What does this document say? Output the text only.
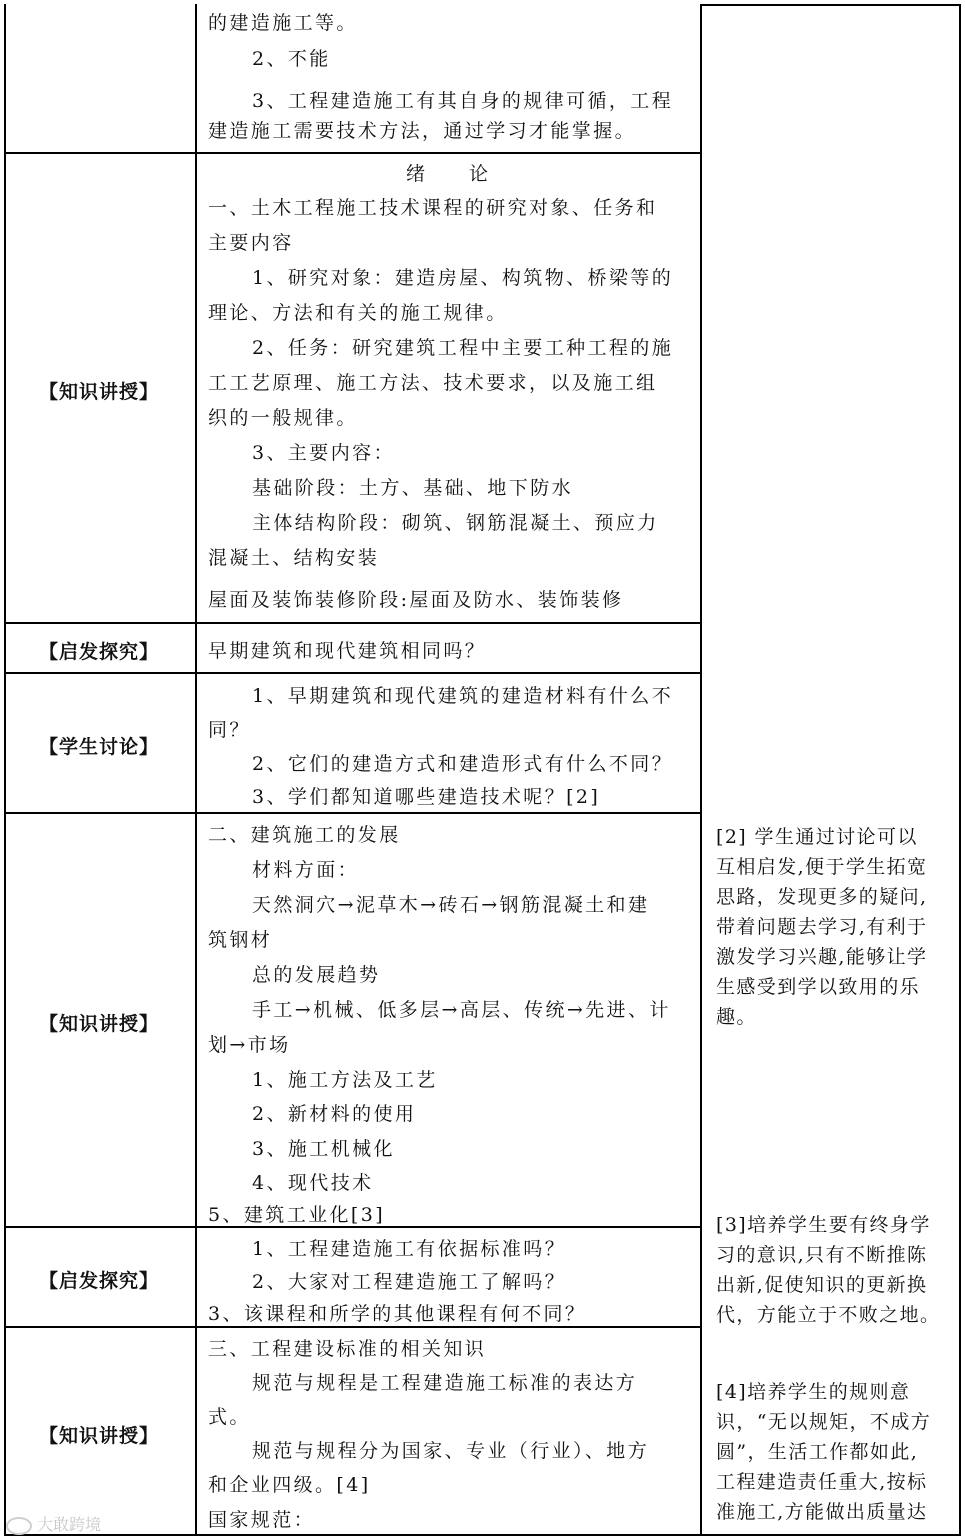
【知识讲授】
【启发探究】
【学生讨论】
【知识讲授】
【启发探究】
【知识讲授】
的建造施工等。
2、不能
3、工程建造施工有其自身的规律可循，工程
建造施工需要技术方法，通过学习才能掌握。
绪　　论
一、土木工程施工技术课程的研究对象、任务和
主要内容
1、研究对象：建造房屋、构筑物、桥梁等的
理论、方法和有关的施工规律。
2、任务：研究建筑工程中主要工种工程的施
工工艺原理、施工方法、技术要求，以及施工组
织的一般规律。
3、主要内容：
基础阶段：土方、基础、地下防水
主体结构阶段：砌筑、钢筋混凝土、预应力
混凝土、结构安装
屋面及装饰装修阶段:屋面及防水、装饰装修
早期建筑和现代建筑相同吗？
1、早期建筑和现代建筑的建造材料有什么不
同？
2、它们的建造方式和建造形式有什么不同？
3、学们都知道哪些建造技术呢？[2]
二、建筑施工的发展
材料方面：
天然洞穴→泥草木→砖石→钢筋混凝土和建
筑钢材
总的发展趋势
手工→机械、低多层→高层、传统→先进、计
划→市场
1、施工方法及工艺
2、新材料的使用
3、施工机械化
4、现代技术
5、建筑工业化[3]
1、工程建造施工有依据标准吗？
2、大家对工程建造施工了解吗？
3、该课程和所学的其他课程有何不同？
三、工程建设标准的相关知识
规范与规程是工程建造施工标准的表达方
式。
规范与规程分为国家、专业（行业）、地方
和企业四级。[4]
国家规范：
[2] 学生通过讨论可以
互相启发,便于学生拓宽
思路，发现更多的疑问,
带着问题去学习,有利于
激发学习兴趣,能够让学
生感受到学以致用的乐
趣。
[3]培养学生要有终身学
习的意识,只有不断推陈
出新,促使知识的更新换
代，方能立于不败之地。
[4]培养学生的规则意
识，“无以规矩，不成方
圆”，生活工作都如此,
工程建造责任重大,按标
准施工,方能做出质量达
大敢跨境
